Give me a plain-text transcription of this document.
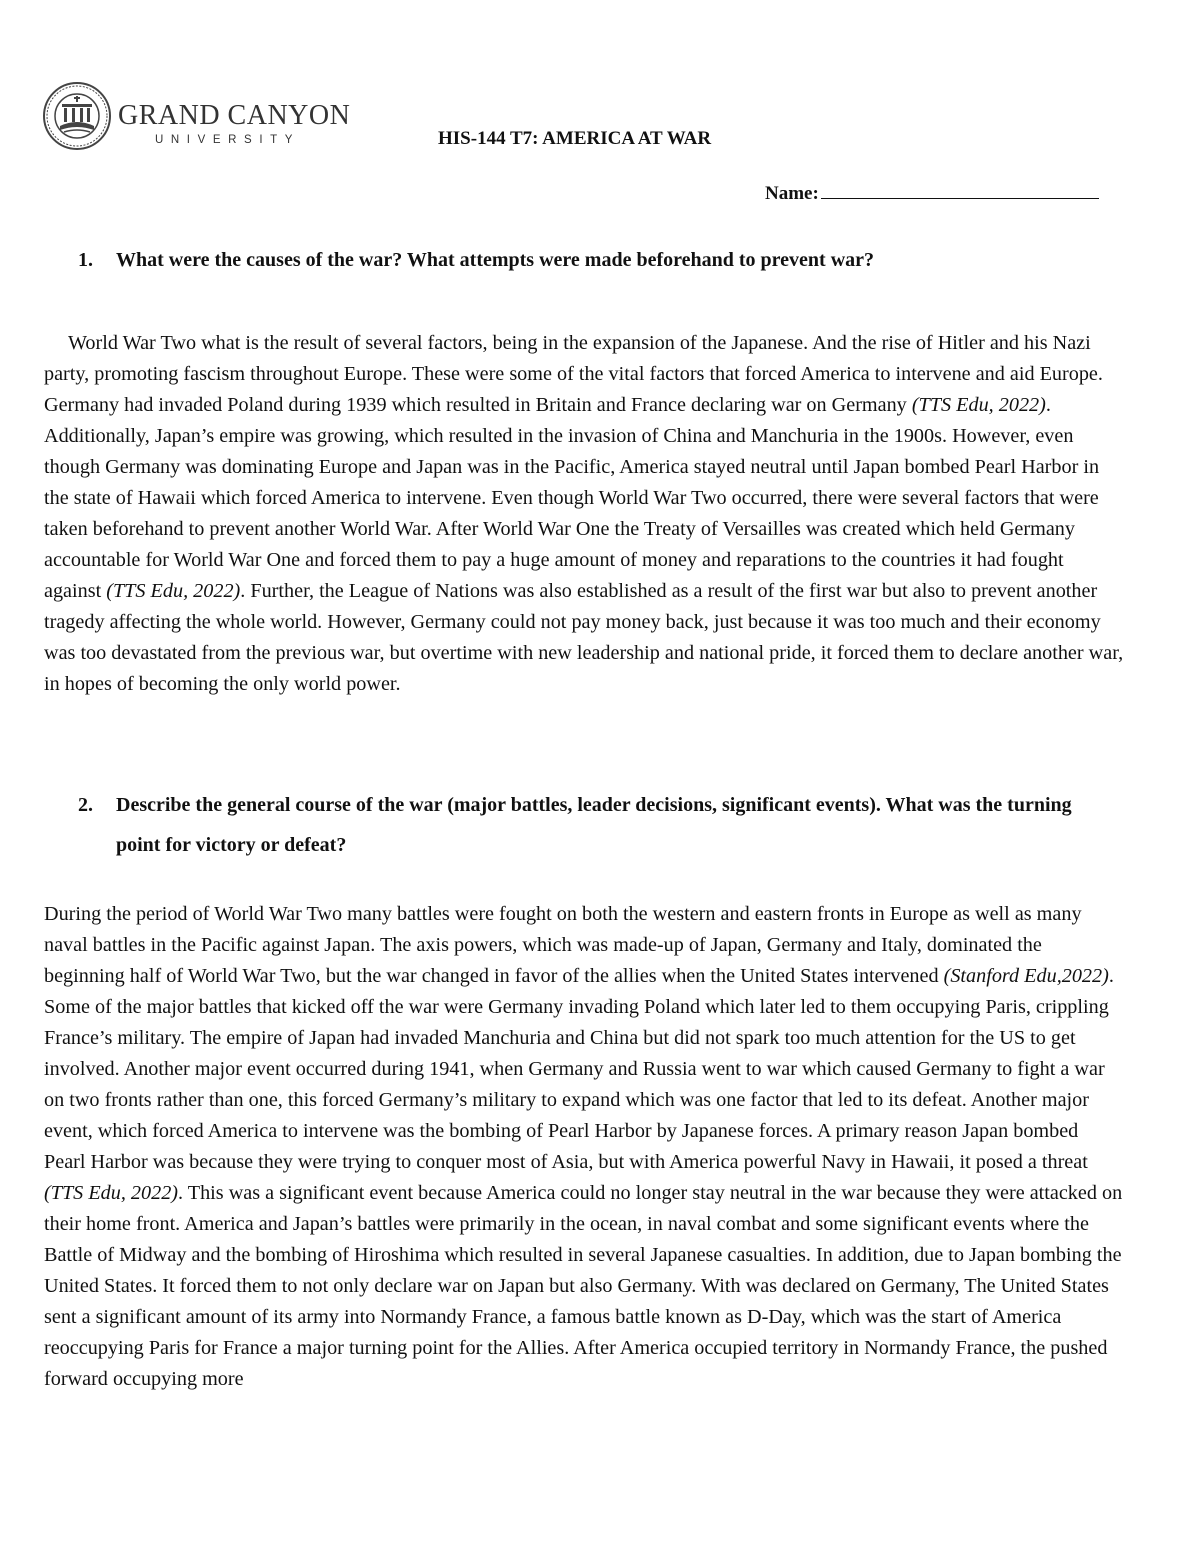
GRAND CANYON
UNIVERSITY	HIS-144 T7: AMERICA AT WAR
Name:
1. What were the causes of the war? What attempts were made beforehand to prevent war?

World War Two what is the result of several factors, being in the expansion of the Japanese. And the rise of Hitler and his Nazi party, promoting fascism throughout Europe. These were some of the vital factors that forced America to intervene and aid Europe. Germany had invaded Poland during 1939 which resulted in Britain and France declaring war on Germany (TTS Edu, 2022). Additionally, Japan’s empire was growing, which resulted in the invasion of China and Manchuria in the 1900s. However, even though Germany was dominating Europe and Japan was in the Pacific, America stayed neutral until Japan bombed Pearl Harbor in the state of Hawaii which forced America to intervene. Even though World War Two occurred, there were several factors that were taken beforehand to prevent another World War. After World War One the Treaty of Versailles was created which held Germany accountable for World War One and forced them to pay a huge amount of money and reparations to the countries it had fought against (TTS Edu, 2022). Further, the League of Nations was also established as a result of the first war but also to prevent another tragedy affecting the whole world. However, Germany could not pay money back, just because it was too much and their economy was too devastated from the previous war, but overtime with new leadership and national pride, it forced them to declare another war, in hopes of becoming the only world power.

2. Describe the general course of the war (major battles, leader decisions, significant events). What was the turning point for victory or defeat?

During the period of World War Two many battles were fought on both the western and eastern fronts in Europe as well as many naval battles in the Pacific against Japan. The axis powers, which was made-up of Japan, Germany and Italy, dominated the beginning half of World War Two, but the war changed in favor of the allies when the United States intervened (Stanford Edu,2022). Some of the major battles that kicked off the war were Germany invading Poland which later led to them occupying Paris, crippling France’s military. The empire of Japan had invaded Manchuria and China but did not spark too much attention for the US to get involved. Another major event occurred during 1941, when Germany and Russia went to war which caused Germany to fight a war on two fronts rather than one, this forced Germany’s military to expand which was one factor that led to its defeat. Another major event, which forced America to intervene was the bombing of Pearl Harbor by Japanese forces. A primary reason Japan bombed Pearl Harbor was because they were trying to conquer most of Asia, but with America powerful Navy in Hawaii, it posed a threat (TTS Edu, 2022). This was a significant event because America could no longer stay neutral in the war because they were attacked on their home front. America and Japan’s battles were primarily in the ocean, in naval combat and some significant events where the Battle of Midway and the bombing of Hiroshima which resulted in several Japanese casualties. In addition, due to Japan bombing the United States. It forced them to not only declare war on Japan but also Germany. With was declared on Germany, The United States sent a significant amount of its army into Normandy France, a famous battle known as D-Day, which was the start of America reoccupying Paris for France a major turning point for the Allies. After America occupied territory in Normandy France, the pushed forward occupying more
